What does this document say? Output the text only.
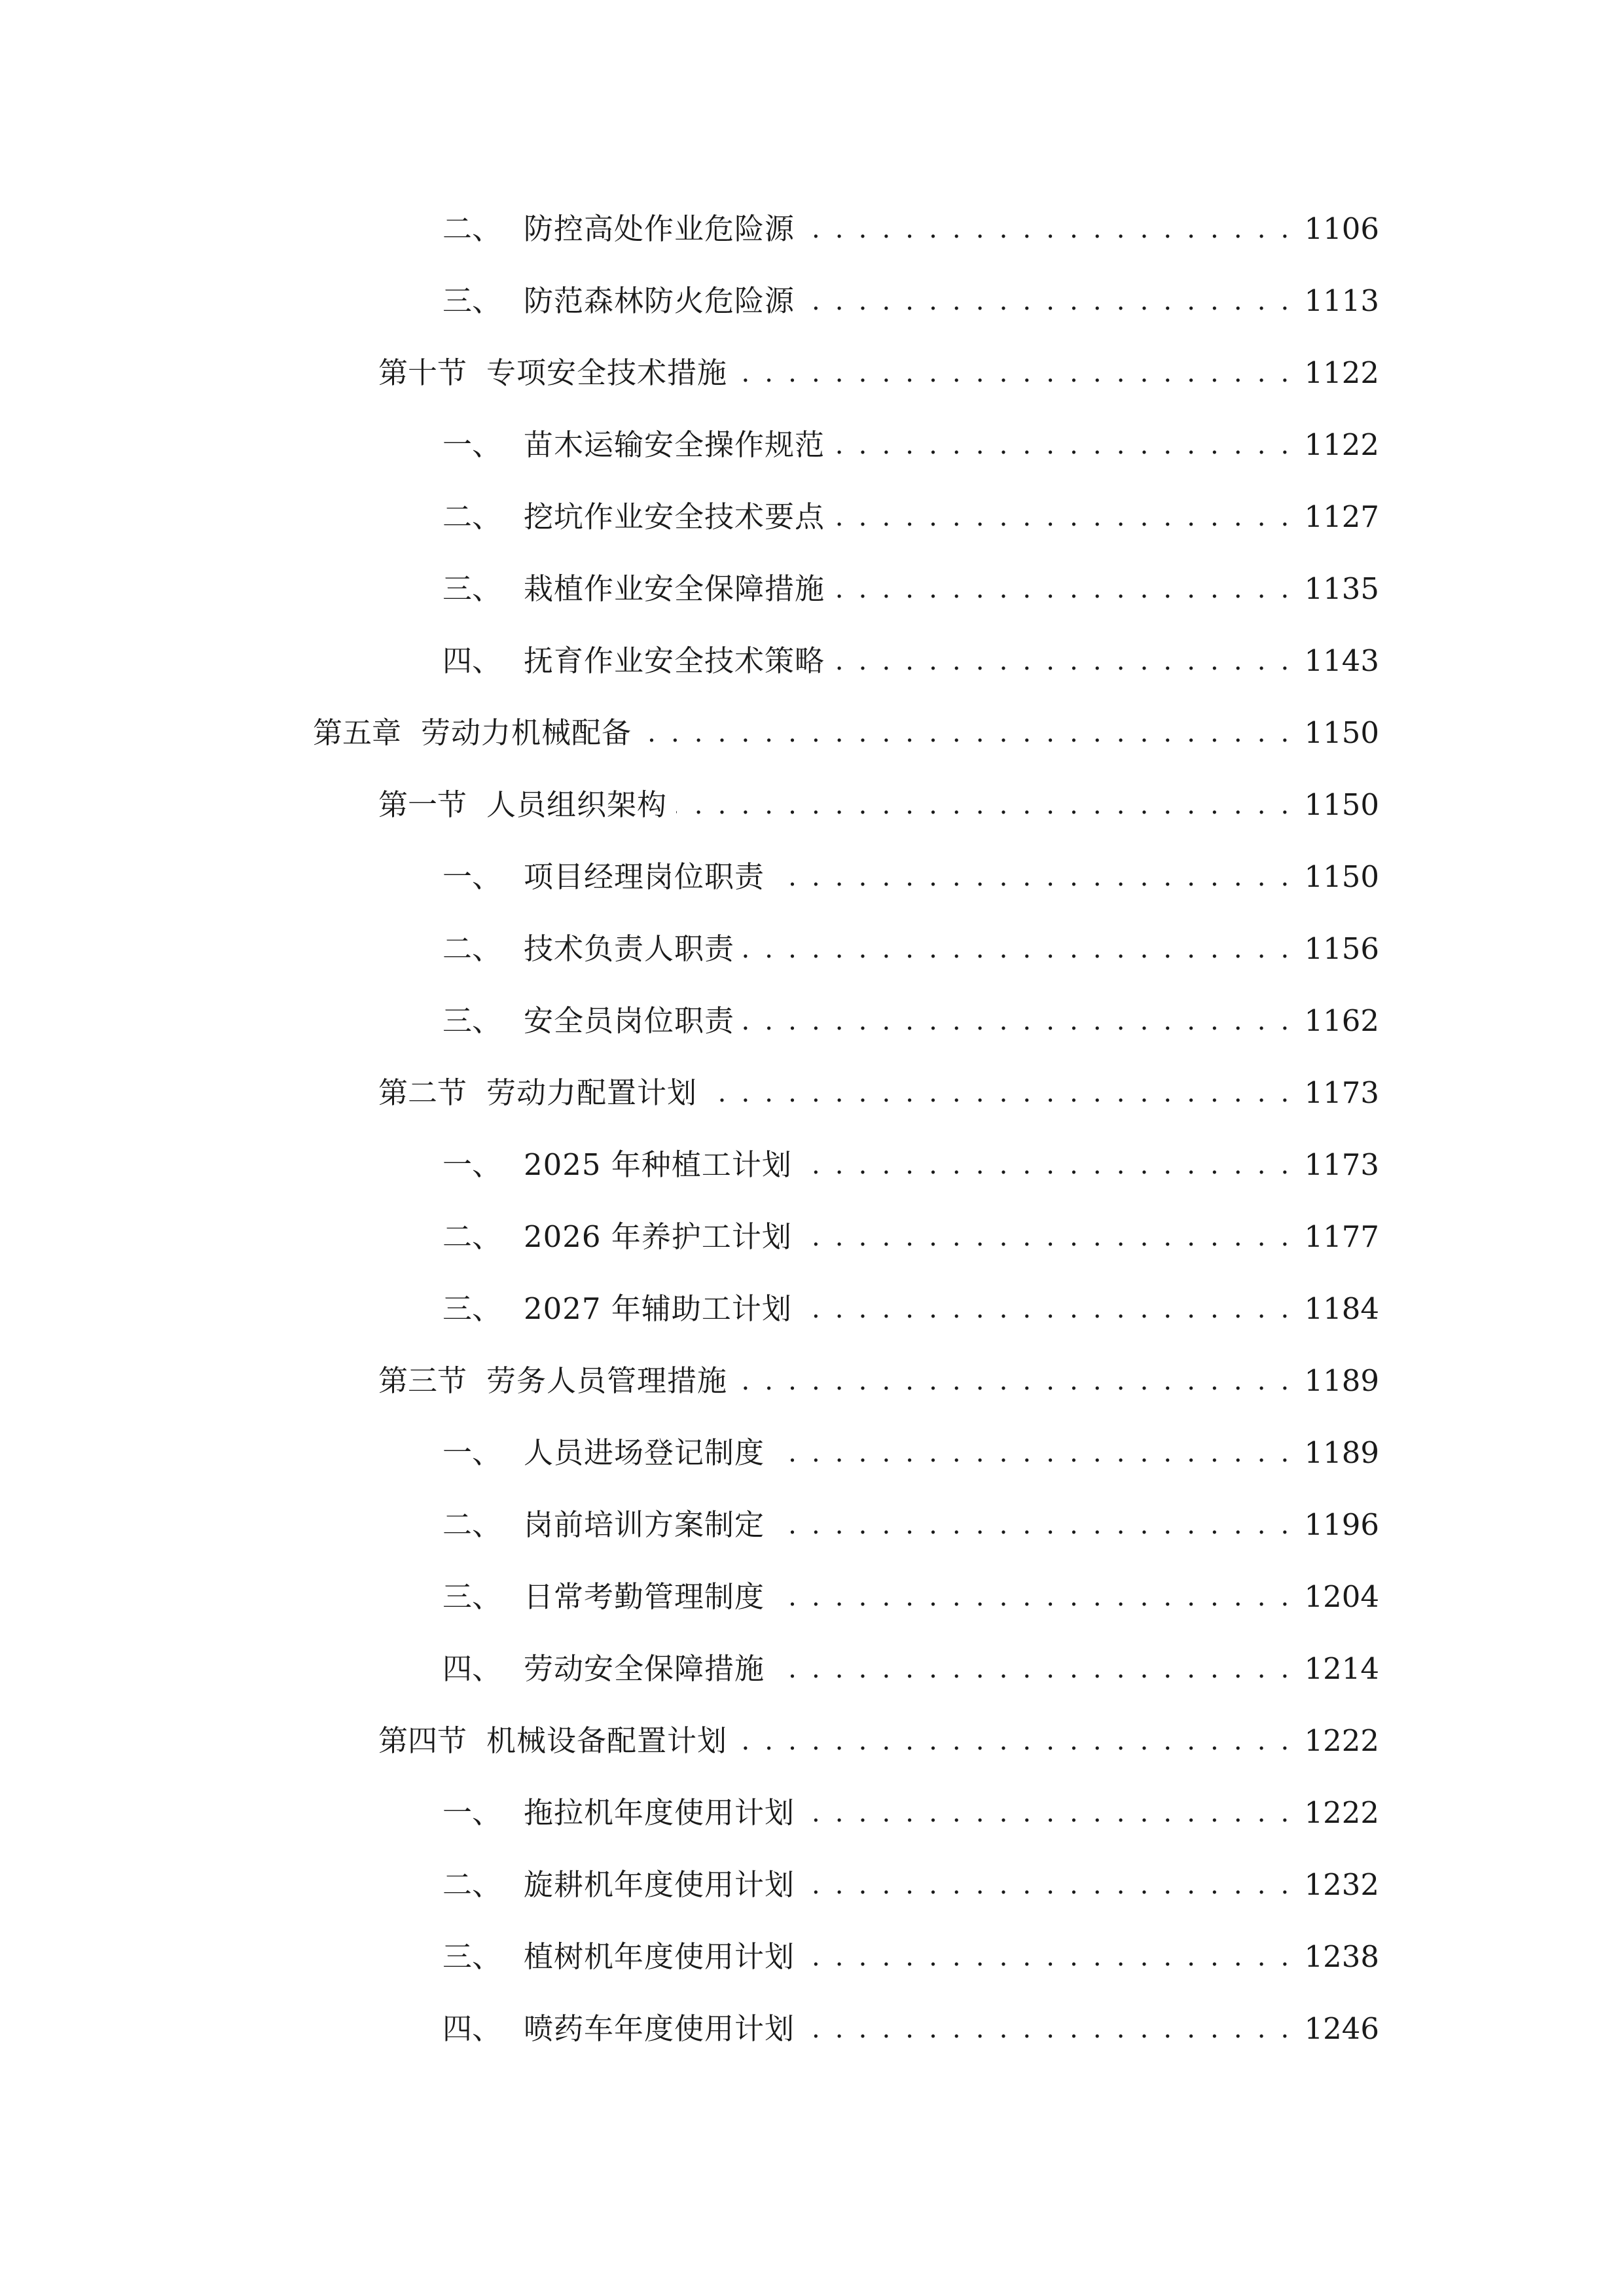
二、 防控高处作业危险源 . . .	1106
三、 防范森林防火危险源 . . .	1113
第十节 专项安全技术措施 . . .	1122
一、 苗木运输安全操作规范 . . .	1122
二、 挖坑作业安全技术要点 . . .	1127
三、 栽植作业安全保障措施 . . .	1135
四、 抚育作业安全技术策略 . . .	1143
第五章 劳动力机械配备 . . .	1150
第一节 人员组织架构 . . .	1150
一、 项目经理岗位职责 . . .	1150
二、 技术负责人职责 . . .	1156
三、 安全员岗位职责 . . .	1162
第二节 劳动力配置计划 . . .	1173
一、 2025 年种植工计划 . . .	1173
二、 2026 年养护工计划 . . .	1177
三、 2027 年辅助工计划 . . .	1184
第三节 劳务人员管理措施 . . .	1189
一、 人员进场登记制度 . . .	1189
二、 岗前培训方案制定 . . .	1196
三、 日常考勤管理制度 . . .	1204
四、 劳动安全保障措施 . . .	1214
第四节 机械设备配置计划 . . .	1222
一、 拖拉机年度使用计划 . . .	1222
二、 旋耕机年度使用计划 . . .	1232
三、 植树机年度使用计划 . . .	1238
四、 喷药车年度使用计划 . . .	1246
